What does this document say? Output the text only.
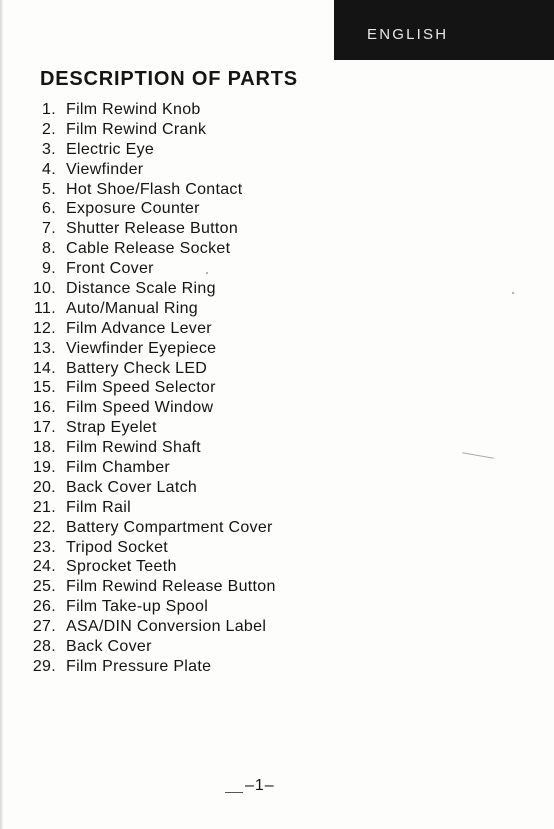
ENGLISH
DESCRIPTION OF PARTS
1. Film Rewind Knob
2. Film Rewind Crank
3. Electric Eye
4. Viewfinder
5. Hot Shoe/Flash Contact
6. Exposure Counter
7. Shutter Release Button
8. Cable Release Socket
9. Front Cover
10. Distance Scale Ring
11. Auto/Manual Ring
12. Film Advance Lever
13. Viewfinder Eyepiece
14. Battery Check LED
15. Film Speed Selector
16. Film Speed Window
17. Strap Eyelet
18. Film Rewind Shaft
19. Film Chamber
20. Back Cover Latch
21. Film Rail
22. Battery Compartment Cover
23. Tripod Socket
24. Sprocket Teeth
25. Film Rewind Release Button
26. Film Take-up Spool
27. ASA/DIN Conversion Label
28. Back Cover
29. Film Pressure Plate
–1–
